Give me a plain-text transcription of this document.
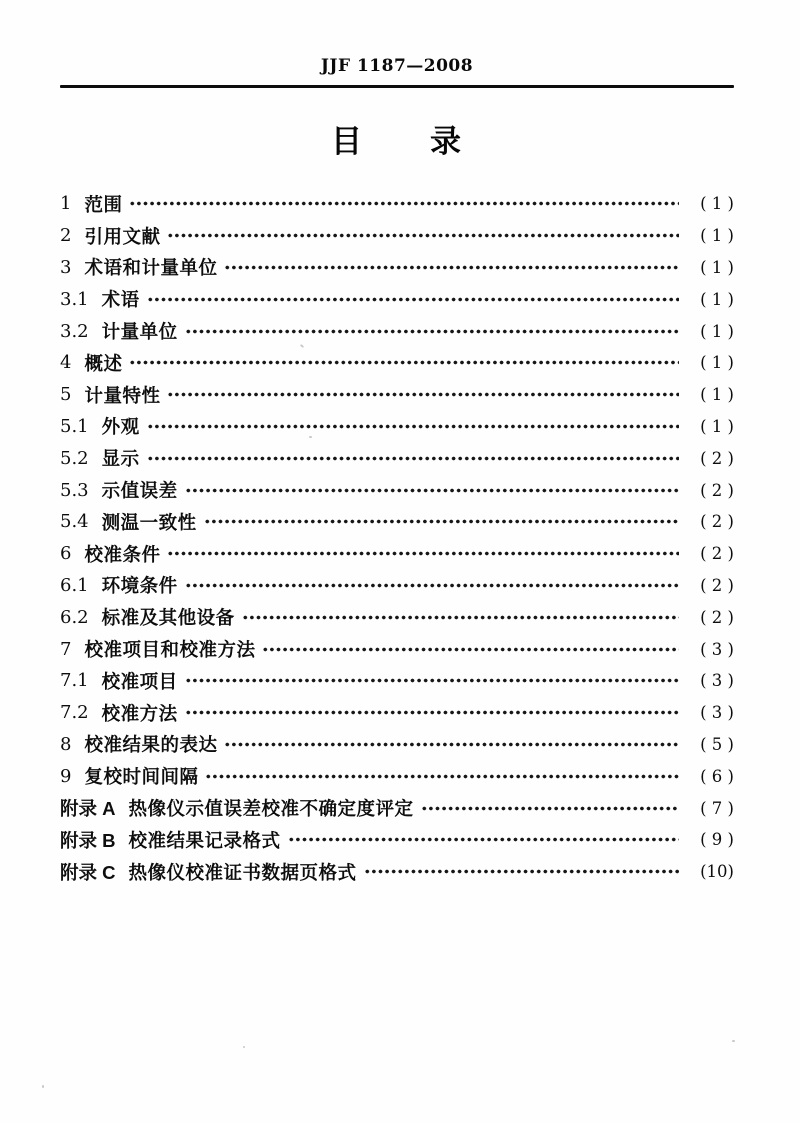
JJF 1187—2008
目　　录
1 范围	( 1 )
2 引用文献	( 1 )
3 术语和计量单位	( 1 )
3.1 术语	( 1 )
3.2 计量单位	( 1 )
4 概述	( 1 )
5 计量特性	( 1 )
5.1 外观	( 1 )
5.2 显示	( 2 )
5.3 示值误差	( 2 )
5.4 测温一致性	( 2 )
6 校准条件	( 2 )
6.1 环境条件	( 2 )
6.2 标准及其他设备	( 2 )
7 校准项目和校准方法	( 3 )
7.1 校准项目	( 3 )
7.2 校准方法	( 3 )
8 校准结果的表达	( 5 )
9 复校时间间隔	( 6 )
附录 A 热像仪示值误差校准不确定度评定	( 7 )
附录 B 校准结果记录格式	( 9 )
附录 C 热像仪校准证书数据页格式	(10)
